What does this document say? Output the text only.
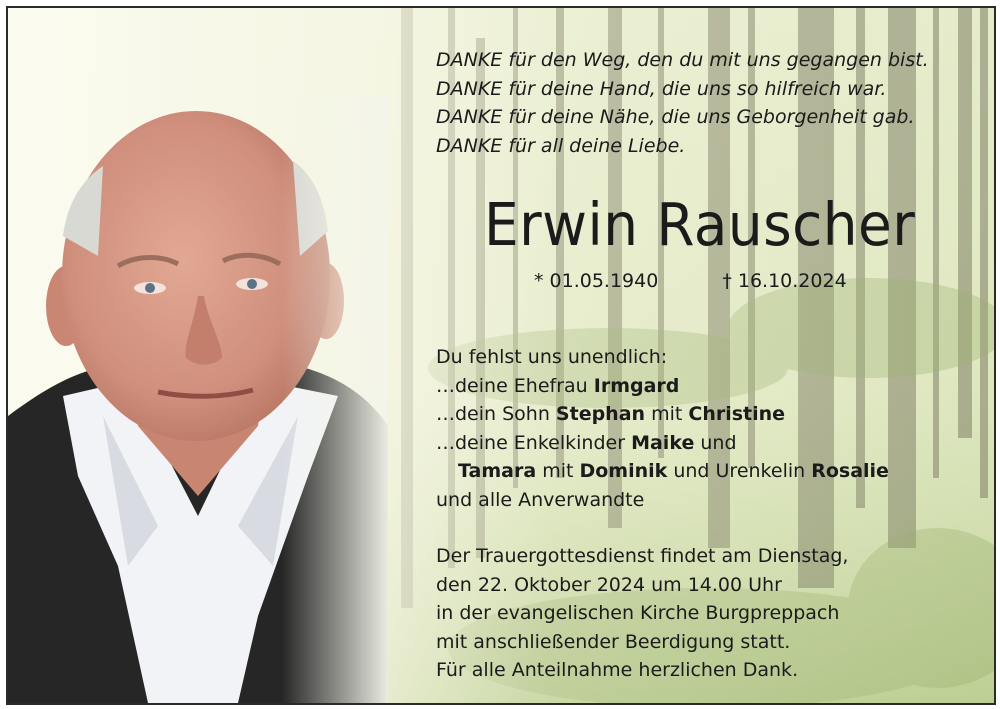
DANKE für den Weg, den du mit uns gegangen bist.
DANKE für deine Hand, die uns so hilfreich war.
DANKE für deine Nähe, die uns Geborgenheit gab.
DANKE für all deine Liebe.
Erwin Rauscher
* 01.05.1940	† 16.10.2024
Du fehlst uns unendlich:
…deine Ehefrau Irmgard
…dein Sohn Stephan mit Christine
…deine Enkelkinder Maike und
Tamara mit Dominik und Urenkelin Rosalie
und alle Anverwandte
Der Trauergottesdienst findet am Dienstag,
den 22. Oktober 2024 um 14.00 Uhr
in der evangelischen Kirche Burgpreppach
mit anschließender Beerdigung statt.
Für alle Anteilnahme herzlichen Dank.
